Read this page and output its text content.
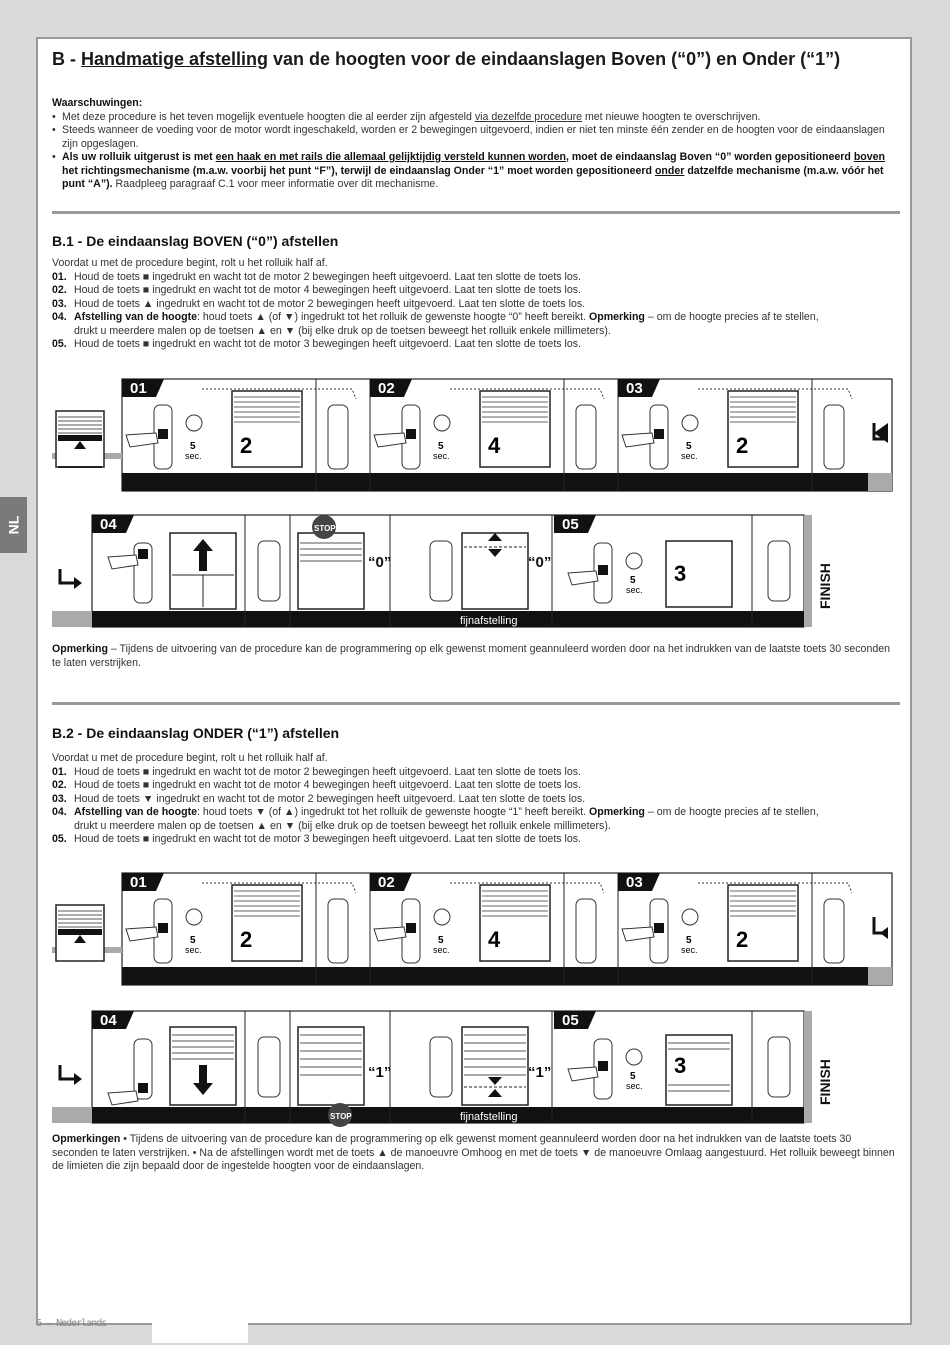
NL
B - Handmatige afstelling van de hoogten voor de eindaanslagen Boven (“0”) en Onder (“1”)
Waarschuwingen:
• Met deze procedure is het teven mogelijk eventuele hoogten die al eerder zijn afgesteld via dezelfde procedure met nieuwe hoogten te overschrijven.
• Steeds wanneer de voeding voor de motor wordt ingeschakeld, worden er 2 bewegingen uitgevoerd, indien er niet ten minste één zender en de hoogten voor de eindaanslagen zijn opgeslagen.
• Als uw rolluik uitgerust is met een haak en met rails die allemaal gelijktijdig versteld kunnen worden, moet de eindaanslag Boven “0” worden gepositioneerd boven het richtingsmechanisme (m.a.w. voorbij het punt “F”), terwijl de eindaanslag Onder “1” moet worden gepositioneerd onder datzelfde mechanisme (m.a.w. vóór het punt “A”). Raadpleeg paragraaf C.1 voor meer informatie over dit mechanisme.
B.1 - De eindaanslag BOVEN (“0”) afstellen
Voordat u met de procedure begint, rolt u het rolluik half af.
01. Houd de toets ■ ingedrukt en wacht tot de motor 2 bewegingen heeft uitgevoerd. Laat ten slotte de toets los.
02. Houd de toets ■ ingedrukt en wacht tot de motor 4 bewegingen heeft uitgevoerd. Laat ten slotte de toets los.
03. Houd de toets ▲ ingedrukt en wacht tot de motor 2 bewegingen heeft uitgevoerd. Laat ten slotte de toets los.
04. Afstelling van de hoogte: houd toets ▲ (of ▼) ingedrukt tot het rolluik de gewenste hoogte “0” heeft bereikt. Opmerking – om de hoogte precies af te stellen,
drukt u meerdere malen op de toetsen ▲ en ▼ (bij elke druk op de toetsen beweegt het rolluik enkele millimeters).
05. Houd de toets ■ ingedrukt en wacht tot de motor 3 bewegingen heeft uitgevoerd. Laat ten slotte de toets los.
01	02	03
5
sec. 2	5
sec. 4	5
sec. 2
04	05
STOP
“0”	“0”
5
sec.
3	FINISH
fijnafstelling
Opmerking – Tijdens de uitvoering van de procedure kan de programmering op elk gewenst moment geannuleerd worden door na het indrukken van de laatste toets 30 seconden te laten verstrijken.
B.2 - De eindaanslag ONDER (“1”) afstellen
Voordat u met de procedure begint, rolt u het rolluik half af.
01. Houd de toets ■ ingedrukt en wacht tot de motor 2 bewegingen heeft uitgevoerd. Laat ten slotte de toets los.
02. Houd de toets ■ ingedrukt en wacht tot de motor 4 bewegingen heeft uitgevoerd. Laat ten slotte de toets los.
03. Houd de toets ▼ ingedrukt en wacht tot de motor 2 bewegingen heeft uitgevoerd. Laat ten slotte de toets los.
04. Afstelling van de hoogte: houd toets ▼ (of ▲) ingedrukt tot het rolluik de gewenste hoogte “1” heeft bereikt. Opmerking – om de hoogte precies af te stellen,
drukt u meerdere malen op de toetsen ▲ en ▼ (bij elke druk op de toetsen beweegt het rolluik enkele millimeters).
05. Houd de toets ■ ingedrukt en wacht tot de motor 3 bewegingen heeft uitgevoerd. Laat ten slotte de toets los.
01	02	03
5
sec. 2	5
sec. 4	5
sec. 2
04	05
STOP
“1”	“1”	5
sec.
3	FINISH
fijnafstelling
Opmerkingen • Tijdens de uitvoering van de procedure kan de programmering op elk gewenst moment geannuleerd worden door na het indrukken van de laatste toets 30 seconden te laten verstrijken. • Na de afstellingen wordt met de toets ▲ de manoeuvre Omhoog en met de toets ▼ de manoeuvre Omlaag aangestuurd. Het rolluik beweegt binnen de limieten die zijn bepaald door de ingestelde hoogten voor de eindaanslagen.
6 – Nederlands
